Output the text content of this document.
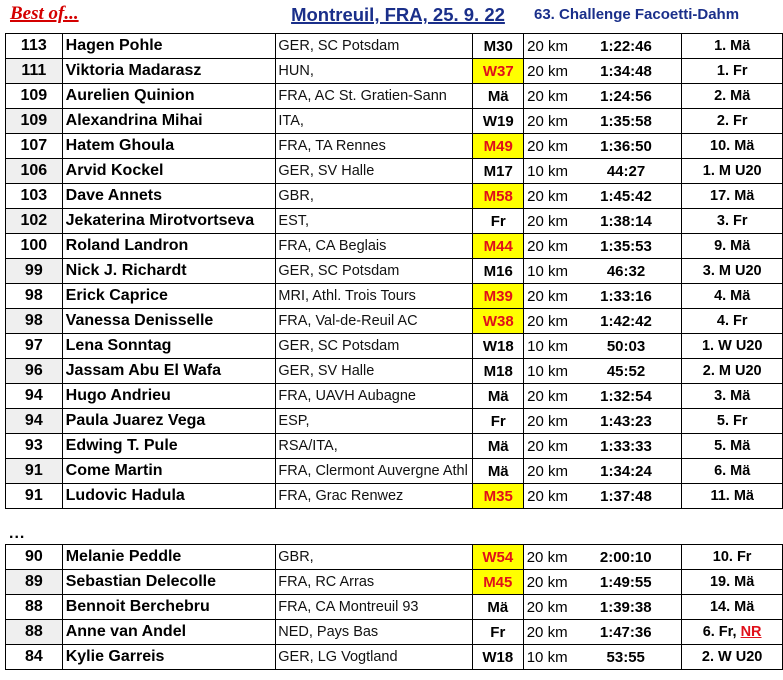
Best of...	Montreuil, FRA, 25. 9. 22	63. Challenge Facoetti-Dahm
113	Hagen Pohle	GER, SC Potsdam	M30	20 km	1:22:46	1. Mä
111	Viktoria Madarasz	HUN,	W37	20 km	1:34:48	1. Fr
109	Aurelien Quinion	FRA, AC St. Gratien-Sann	Mä	20 km	1:24:56	2. Mä
109	Alexandrina Mihai	ITA,	W19	20 km	1:35:58	2. Fr
107	Hatem Ghoula	FRA, TA Rennes	M49	20 km	1:36:50	10. Mä
106	Arvid Kockel	GER, SV Halle	M17	10 km	44:27	1. M U20
103	Dave Annets	GBR,	M58	20 km	1:45:42	17. Mä
102	Jekaterina Mirotvortseva	EST,	Fr	20 km	1:38:14	3. Fr
100	Roland Landron	FRA, CA Beglais	M44	20 km	1:35:53	9. Mä
99	Nick J. Richardt	GER, SC Potsdam	M16	10 km	46:32	3. M U20
98	Erick Caprice	MRI, Athl. Trois Tours	M39	20 km	1:33:16	4. Mä
98	Vanessa Denisselle	FRA, Val-de-Reuil AC	W38	20 km	1:42:42	4. Fr
97	Lena Sonntag	GER, SC Potsdam	W18	10 km	50:03	1. W U20
96	Jassam Abu El Wafa	GER, SV Halle	M18	10 km	45:52	2. M U20
94	Hugo Andrieu	FRA, UAVH Aubagne	Mä	20 km	1:32:54	3. Mä
94	Paula Juarez Vega	ESP,	Fr	20 km	1:43:23	5. Fr
93	Edwing T. Pule	RSA/ITA,	Mä	20 km	1:33:33	5. Mä
91	Come Martin	FRA, Clermont Auvergne Athl	Mä	20 km	1:34:24	6. Mä
91	Ludovic Hadula	FRA, Grac Renwez	M35	20 km	1:37:48	11. Mä
...
90	Melanie Peddle	GBR,	W54	20 km	2:00:10	10. Fr
89	Sebastian Delecolle	FRA, RC Arras	M45	20 km	1:49:55	19. Mä
88	Bennoit Berchebru	FRA, CA Montreuil 93	Mä	20 km	1:39:38	14. Mä
88	Anne van Andel	NED, Pays Bas	Fr	20 km	1:47:36	6. Fr, NR
84	Kylie Garreis	GER, LG Vogtland	W18	10 km	53:55	2. W U20
